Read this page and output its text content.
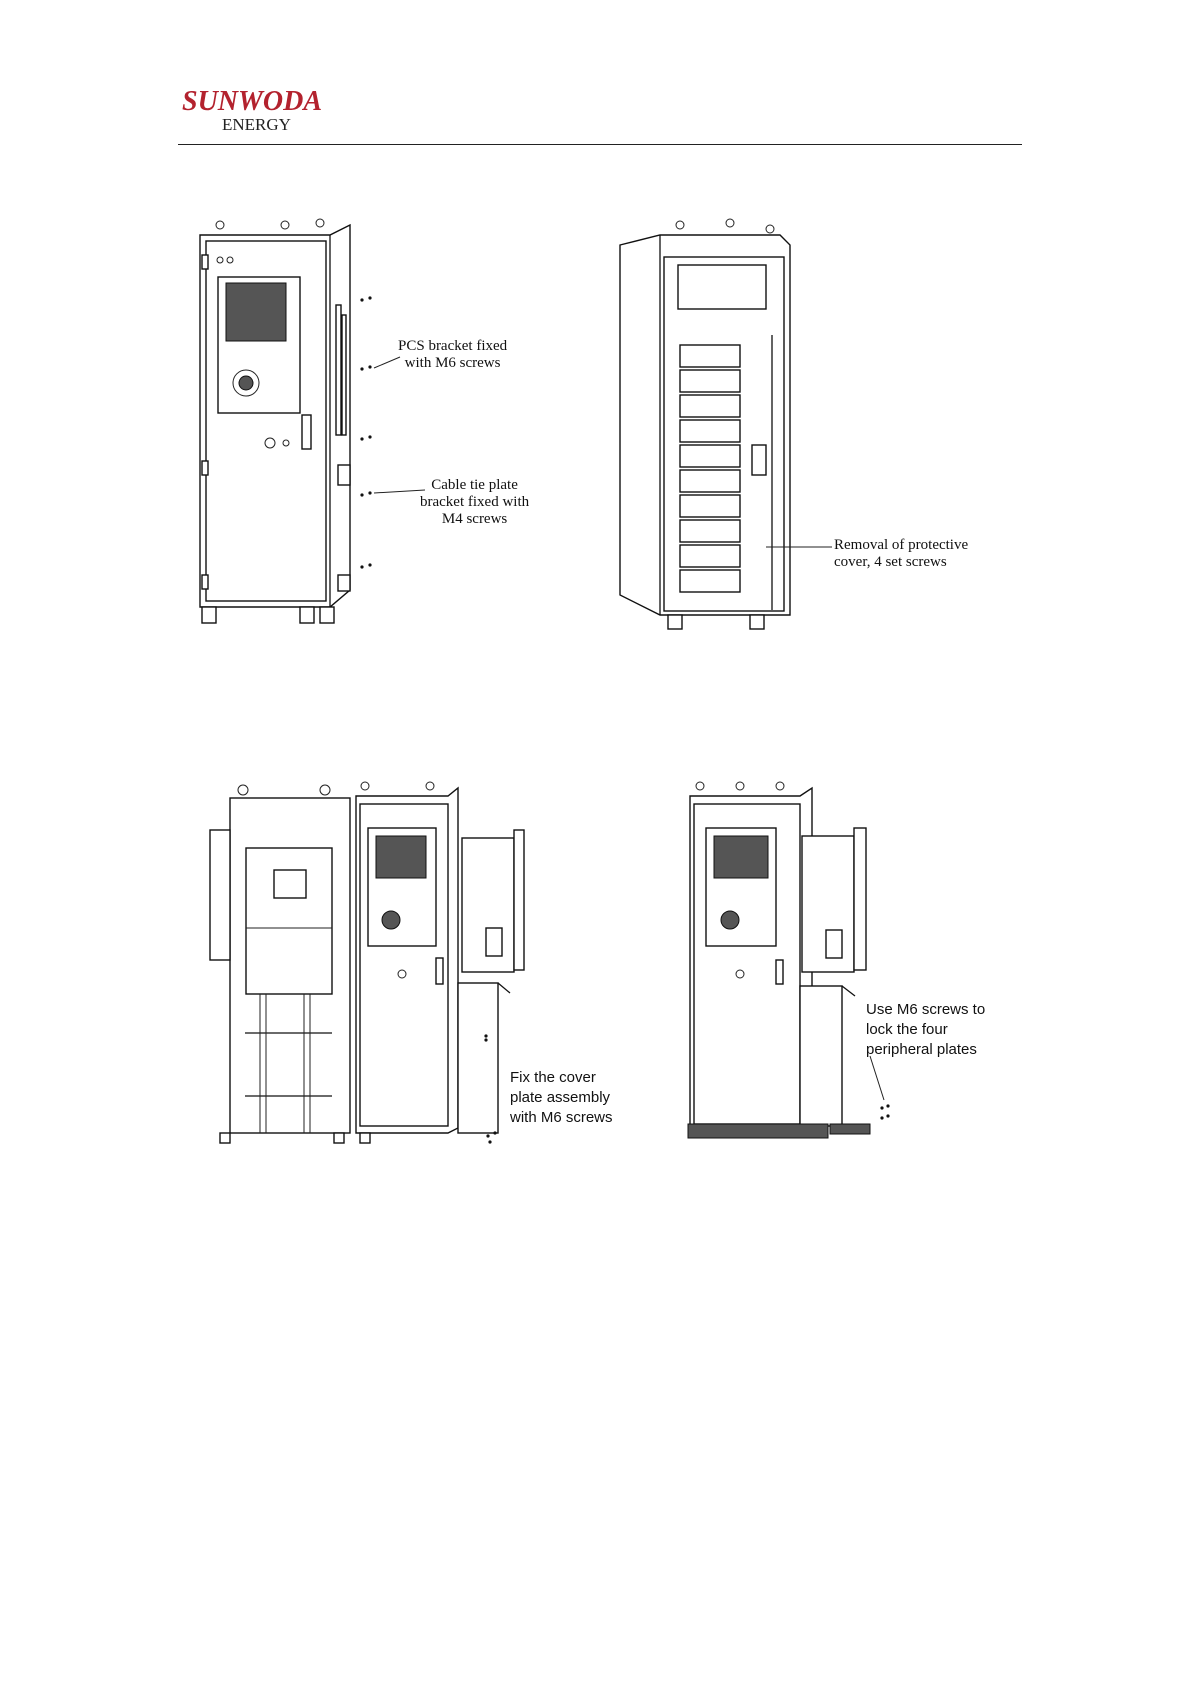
SUNWODA
ENERGY
PCS bracket fixed
with M6 screws
Cable tie plate
bracket fixed with
M4 screws
Removal of protective
cover, 4 set screws
Fix the cover
plate assembly
with M6 screws
Use M6 screws to
lock the four
peripheral plates
